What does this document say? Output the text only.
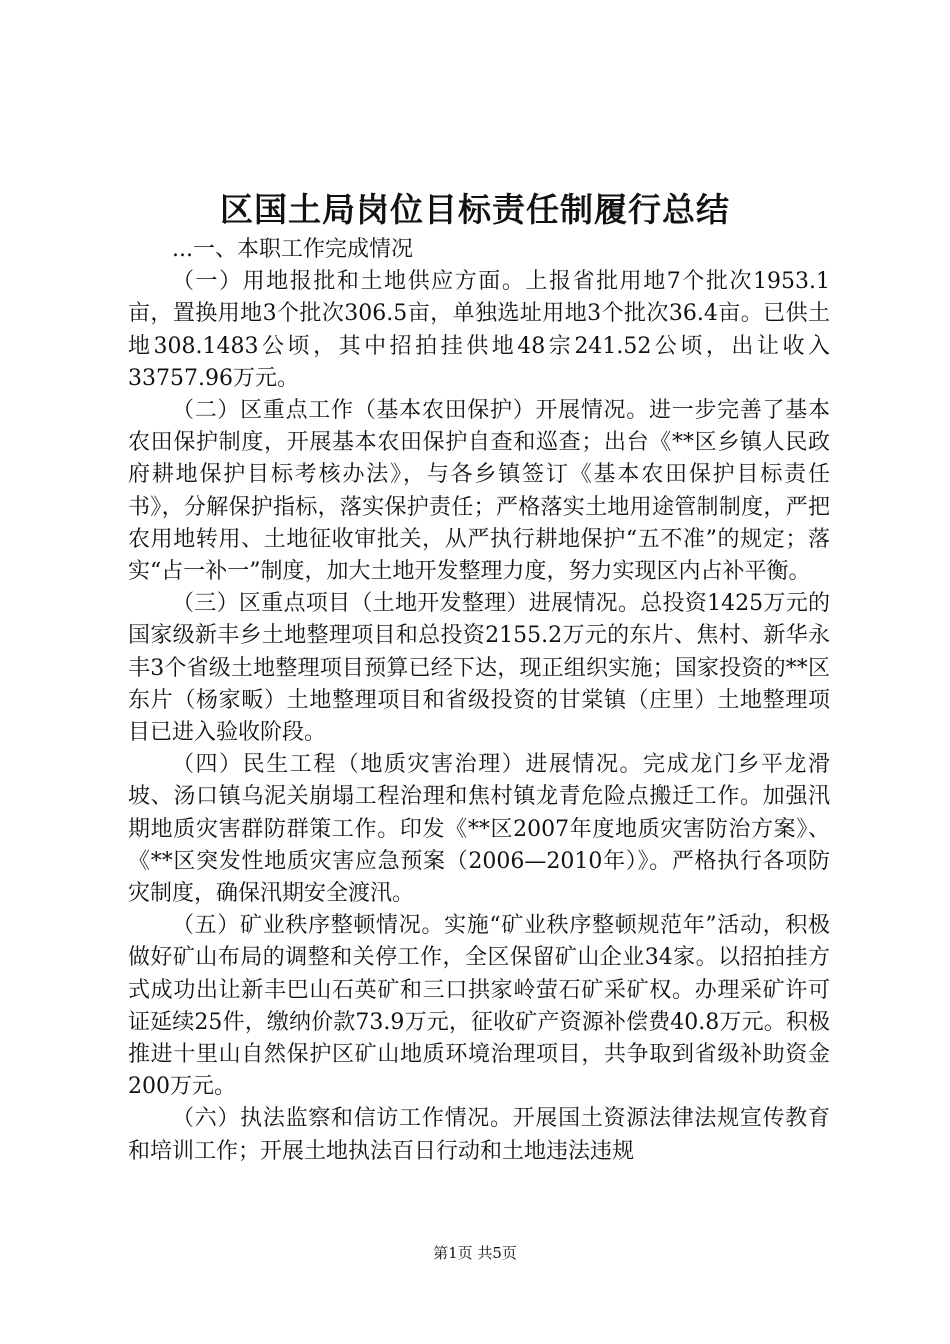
区国土局岗位目标责任制履行总结

...一、本职工作完成情况

（一）用地报批和土地供应方面。上报省批用地7个批次1953.1亩，置换用地3个批次306.5亩，单独选址用地3个批次36.4亩。已供土地308.1483公顷，其中招拍挂供地48宗241.52公顷，出让收入33757.96万元。

（二）区重点工作（基本农田保护）开展情况。进一步完善了基本农田保护制度，开展基本农田保护自查和巡查；出台《**区乡镇人民政府耕地保护目标考核办法》，与各乡镇签订《基本农田保护目标责任书》，分解保护指标，落实保护责任；严格落实土地用途管制制度，严把农用地转用、土地征收审批关，从严执行耕地保护“五不准”的规定；落实“占一补一”制度，加大土地开发整理力度，努力实现区内占补平衡。

（三）区重点项目（土地开发整理）进展情况。总投资1425万元的国家级新丰乡土地整理项目和总投资2155.2万元的东片、焦村、新华永丰3个省级土地整理项目预算已经下达，现正组织实施；国家投资的**区东片（杨家畈）土地整理项目和省级投资的甘棠镇（庄里）土地整理项目已进入验收阶段。

（四）民生工程（地质灾害治理）进展情况。完成龙门乡平龙滑坡、汤口镇乌泥关崩塌工程治理和焦村镇龙青危险点搬迁工作。加强汛期地质灾害群防群策工作。印发《**区2007年度地质灾害防治方案》、《**区突发性地质灾害应急预案（2006—2010年）》。严格执行各项防灾制度，确保汛期安全渡汛。

（五）矿业秩序整顿情况。实施“矿业秩序整顿规范年”活动，积极做好矿山布局的调整和关停工作，全区保留矿山企业34家。以招拍挂方式成功出让新丰巴山石英矿和三口拱家岭萤石矿采矿权。办理采矿许可证延续25件，缴纳价款73.9万元，征收矿产资源补偿费40.8万元。积极推进十里山自然保护区矿山地质环境治理项目，共争取到省级补助资金200万元。

（六）执法监察和信访工作情况。开展国土资源法律法规宣传教育和培训工作；开展土地执法百日行动和土地违法违规

第1页 共5页
